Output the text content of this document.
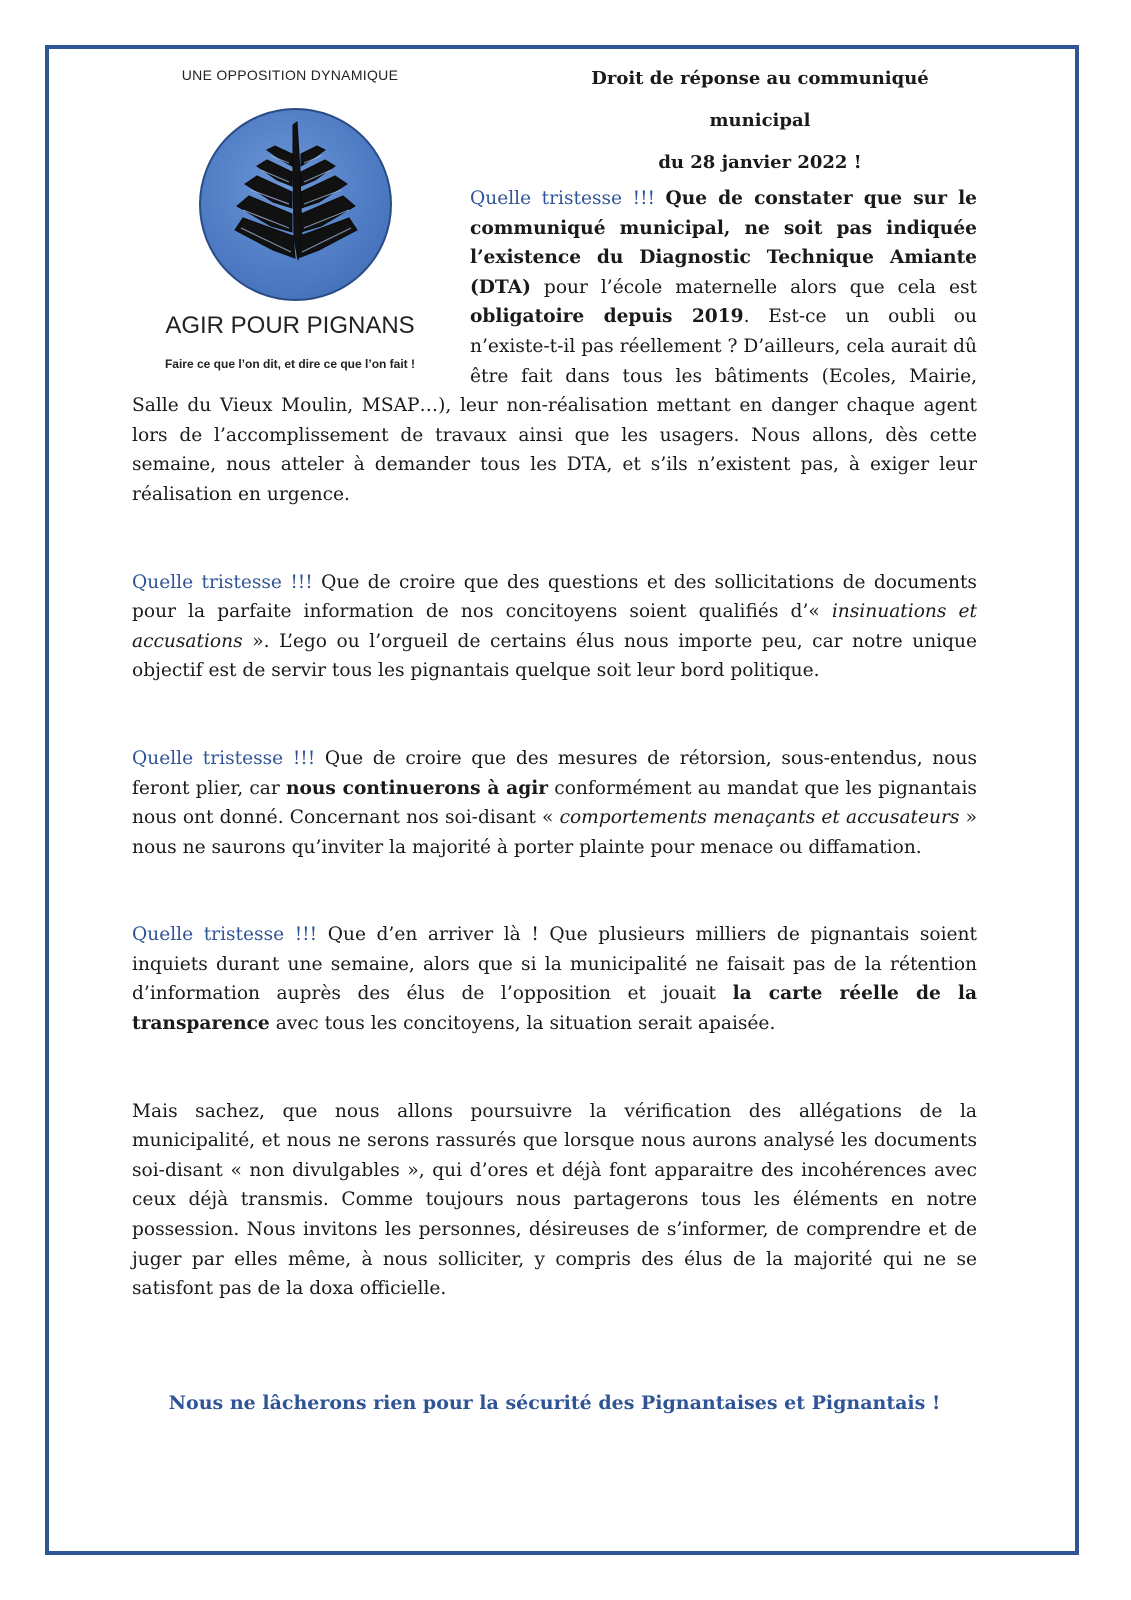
UNE OPPOSITION DYNAMIQUE	Droit de réponse au communiqué municipal
du 28 janvier 2022 !
AGIR POUR PIGNANS
Faire ce que l’on dit, et dire ce que l’on fait !

Quelle tristesse !!! Que de constater que sur le communiqué municipal, ne soit pas indiquée l’existence du Diagnostic Technique Amiante (DTA) pour l’école maternelle alors que cela est obligatoire depuis 2019. Est-ce un oubli ou n’existe-t-il pas réellement ? D’ailleurs, cela aurait dû être fait dans tous les bâtiments (Ecoles, Mairie, Salle du Vieux Moulin, MSAP…), leur non-réalisation mettant en danger chaque agent lors de l’accomplissement de travaux ainsi que les usagers. Nous allons, dès cette semaine, nous atteler à demander tous les DTA, et s’ils n’existent pas, à exiger leur réalisation en urgence.

Quelle tristesse !!! Que de croire que des questions et des sollicitations de documents pour la parfaite information de nos concitoyens soient qualifiés d’« insinuations et accusations ». L’ego ou l’orgueil de certains élus nous importe peu, car notre unique objectif est de servir tous les pignantais quelque soit leur bord politique.

Quelle tristesse !!! Que de croire que des mesures de rétorsion, sous-entendus, nous feront plier, car nous continuerons à agir conformément au mandat que les pignantais nous ont donné. Concernant nos soi-disant « comportements menaçants et accusateurs » nous ne saurons qu’inviter la majorité à porter plainte pour menace ou diffamation.

Quelle tristesse !!! Que d’en arriver là ! Que plusieurs milliers de pignantais soient inquiets durant une semaine, alors que si la municipalité ne faisait pas de la rétention d’information auprès des élus de l’opposition et jouait la carte réelle de la transparence avec tous les concitoyens, la situation serait apaisée.

Mais sachez, que nous allons poursuivre la vérification des allégations de la municipalité, et nous ne serons rassurés que lorsque nous aurons analysé les documents soi-disant « non divulgables », qui d’ores et déjà font apparaitre des incohérences avec ceux déjà transmis. Comme toujours nous partagerons tous les éléments en notre possession. Nous invitons les personnes, désireuses de s’informer, de comprendre et de juger par elles même, à nous solliciter, y compris des élus de la majorité qui ne se satisfont pas de la doxa officielle.

Nous ne lâcherons rien pour la sécurité des Pignantaises et Pignantais !
